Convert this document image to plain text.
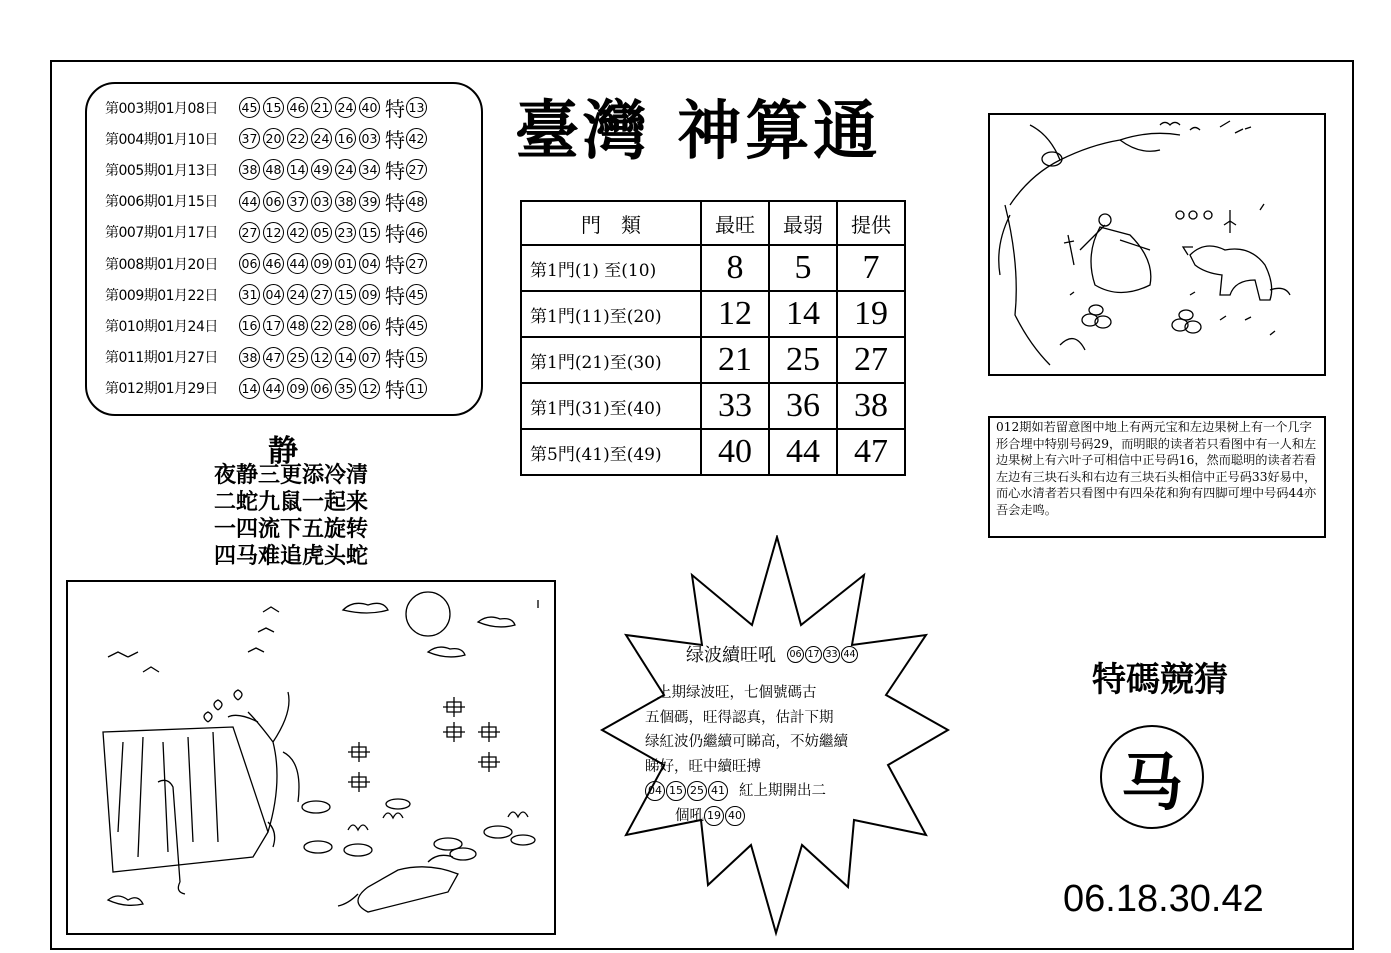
第003期01月08日	45 15 46 21 24 40 特 13
第004期01月10日	37 20 22 24 16 03 特 42
第005期01月13日	38 48 14 49 24 34 特 27
第006期01月15日	44 06 37 03 38 39 特 48
第007期01月17日	27 12 42 05 23 15 特 46
第008期01月20日	06 46 44 09 01 04 特 27
第009期01月22日	31 04 24 27 15 09 特 45
第010期01月24日	16 17 48 22 28 06 特 45
第011期01月27日	38 47 25 12 14 07 特 15
第012期01月29日	14 44 09 06 35 12 特 11
臺灣 神算通
門　類	最旺	最弱	提供
第1門(1) 至(10)	8	5	7
第1門(11)至(20)	12	14	19
第1門(21)至(30)	21	25	27
第1門(31)至(40)	33	36	38
第5門(41)至(49)	40	44	47
静
夜静三更添冷清
二蛇九鼠一起来
一四流下五旋转
四马难追虎头蛇
012期如若留意图中地上有两元宝和左边果树上有一个几字形合埋中特别号码29，而明眼的读者若只看图中有一人和左边果树上有六叶子可相信中正号码16，然而聪明的读者若看左边有三块石头和右边有三块石头相信中正号码33好易中，而心水清者若只看图中有四朵花和狗有四脚可埋中号码44亦吾会走鸣。
绿波續旺吼 06 17 33 44
上期绿波旺，七個號碼古
五個碼，旺得認真，估計下期
绿紅波仍繼續可睇高，不妨繼續
睇好，旺中續旺搏
04 15 25 41 紅上期開出二
個吼 19 40
特碼競猜
马
06.18.30.42
